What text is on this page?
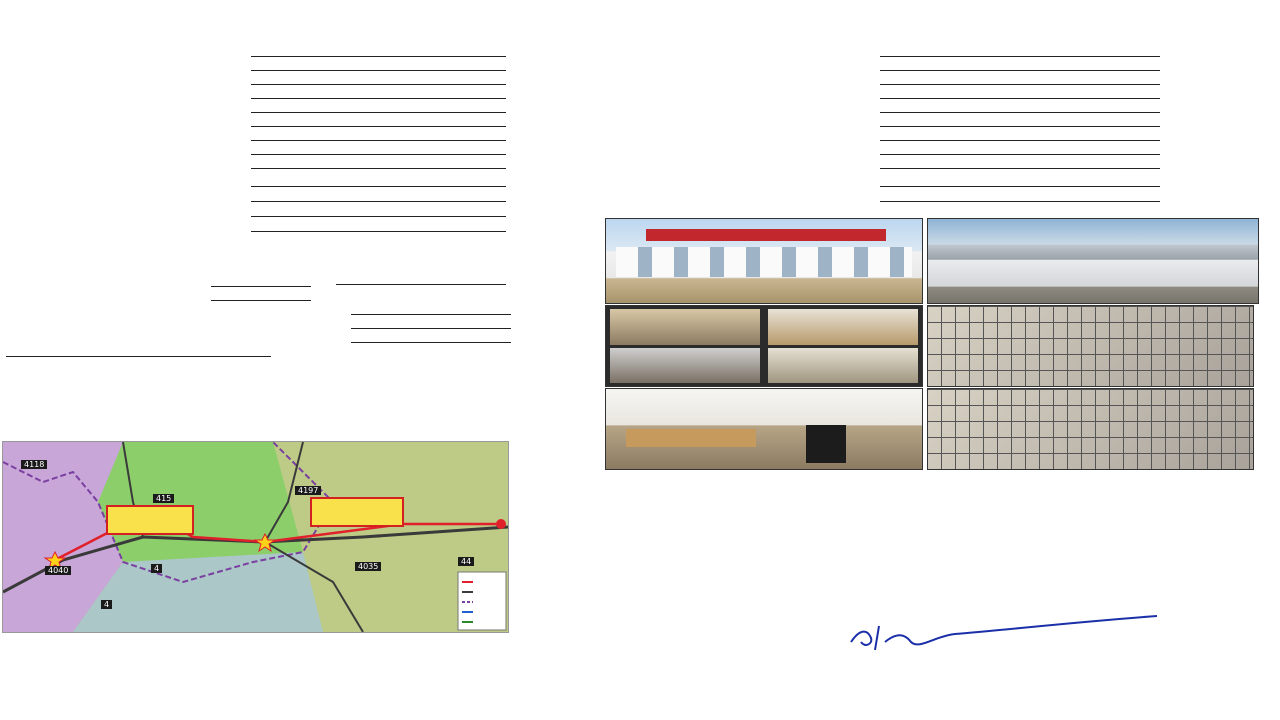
4118
415
4197
4040	4	4035
44
4
